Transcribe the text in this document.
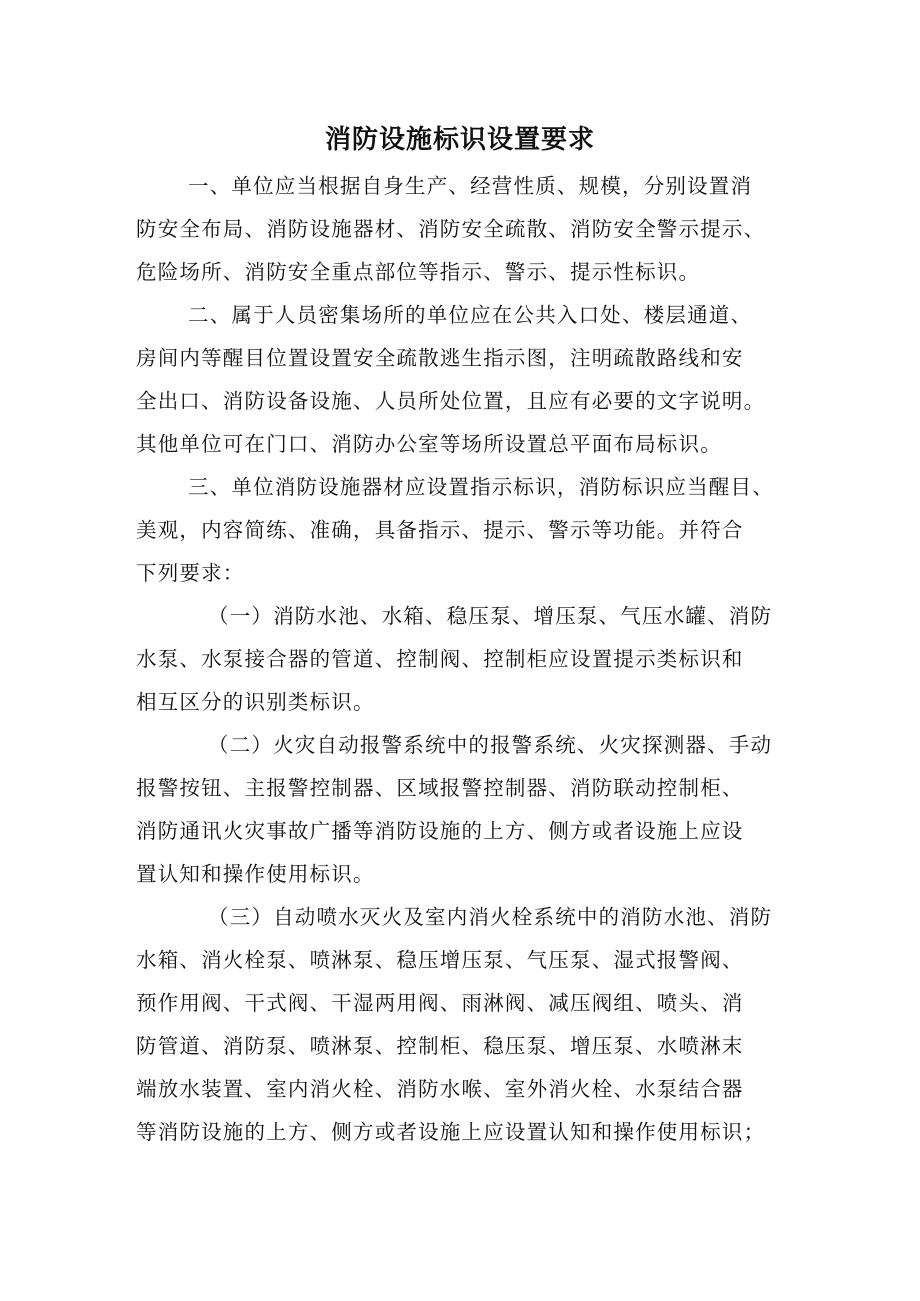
消防设施标识设置要求
一、单位应当根据自身生产、经营性质、规模，分别设置消
防安全布局、消防设施器材、消防安全疏散、消防安全警示提示、
危险场所、消防安全重点部位等指示、警示、提示性标识。
二、属于人员密集场所的单位应在公共入口处、楼层通道、
房间内等醒目位置设置安全疏散逃生指示图，注明疏散路线和安
全出口、消防设备设施、人员所处位置，且应有必要的文字说明。
其他单位可在门口、消防办公室等场所设置总平面布局标识。
三、单位消防设施器材应设置指示标识，消防标识应当醒目、
美观，内容简练、准确，具备指示、提示、警示等功能。并符合
下列要求：
（一）消防水池、水箱、稳压泵、增压泵、气压水罐、消防
水泵、水泵接合器的管道、控制阀、控制柜应设置提示类标识和
相互区分的识别类标识。
（二）火灾自动报警系统中的报警系统、火灾探测器、手动
报警按钮、主报警控制器、区域报警控制器、消防联动控制柜、
消防通讯火灾事故广播等消防设施的上方、侧方或者设施上应设
置认知和操作使用标识。
（三）自动喷水灭火及室内消火栓系统中的消防水池、消防
水箱、消火栓泵、喷淋泵、稳压增压泵、气压泵、湿式报警阀、
预作用阀、干式阀、干湿两用阀、雨淋阀、减压阀组、喷头、消
防管道、消防泵、喷淋泵、控制柜、稳压泵、增压泵、水喷淋末
端放水装置、室内消火栓、消防水喉、室外消火栓、水泵结合器
等消防设施的上方、侧方或者设施上应设置认知和操作使用标识；
